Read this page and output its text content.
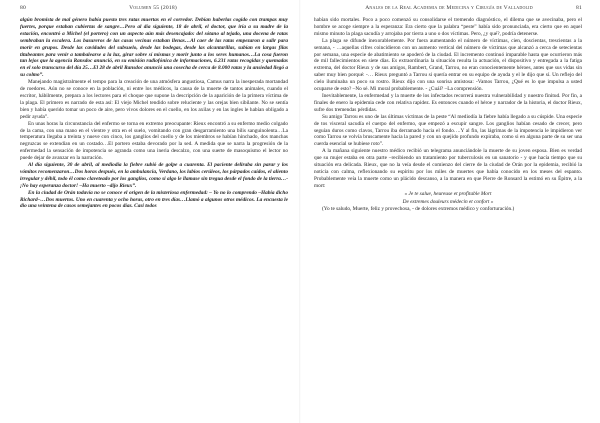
80	Volumen 55 (2018)

algún bromista de mal género había puesto tres ratas muertas en el corredor. Debían haberlas cogido con trampas muy fuertes, porque estaban cubiertas de sangre…Pero al día siguiente, 18 de abril, el doctor, que iría a su madre de la estación, encontró a Michel (el portero) con un aspecto aún más desencajado: del sótano al tejado, una docena de ratas sembraban la escalera. Los basureros de las casas vecinas estaban llenas…Al caer de las ratas empezaron a salir para morir en grupos. Desde las cavidades del subsuelo, desde las bodegas, desde las alcantarillas, subían en largas filas titubeantes para venir a tambalearse a la luz, girar sobre sí mismas y morir junto a los seres humanos…La cosa fueron tan lejos que la agencia Ransdoc anunció, en su emisión radiofónica de informaciones, 6.231 ratas recogidas y quemadas en el solo transcurso del día 25…El 28 de abril Ransdoc anunció una cosecha de cerca de 8.000 ratas y la ansiedad llegó a su colmo”.

Manejando magistralmente el tempo para la creación de una atmósfera angustiosa, Camus narra la inesperada mortandad de roedores. Aún no se conoce en la población, ni entre los médicos, la causa de la muerte de tantos animales, cuando el escritor, hábilmente, prepara a los lectores para el choque que supone la descripción de la aparición de la primera víctima de la plaga. El primero es narrado de esta así: El viejo Michel tendido sobre reluciente y las orejas bien sibilante. No se sentía bien y había querido tomar un poco de aire, pero vivos dolores en el cuello, en los axilas y en las ingles le habían obligado a pedir ayuda”.

En unas horas la circunstancia del enfermo se torna en extremo preocupante: Rieux encontró a su enfermo medio colgado de la cama, con una mano en el vientre y otra en el suelo, vomitando con gran desgarramiento una bilis sanguinolenta…La temperatura llegaba a treinta y nueve con cinco, los ganglios del cuello y de los miembros se habían hinchado, dos manchas negruzcas se extendían en un costado…El portero estaba devorado por la sed. A medida que se narra la progresión de la enfermedad la sensación de impotencia se agranda como una ineria descalzo, con una suerte de masoquismo el lector no puede dejar de avanzar en la narración.

Al día siguiente, 30 de abril, al mediodía la fiebre subió de golpe a cuarenta. El paciente deliraba sin parar y los vómitos recomenzaron…Dos horas después, en la ambulancia, Verdano, los labios cerúleos, los párpados caídos, el aliento irregular y débil, todo él como claveteado por los ganglios, como si algo le llamase sin tregua desde el fondo de la tierra…- ¡No hay esperanza doctor! –Ha muerto –dijo Rieux”.

En la ciudad de Orán todavía no se conoce el origen de la misteriosa enfermedad: – Yo no lo comprendo –Había dicho Richard–…Dos muertos. Uno en cuarenta y ocho horas, otro en tres días…Llamó a algunos otros médicos. La encuesta le dio una veintena de casos semejantes en pocos días. Casi todos

Anales de la Real Academia de Medicina y Cirugía de Valladolid	81

habían sido mortales. Poco a poco comenzó su consolidarse el tremendo diagnóstico, el dilema que se avecinaba, pero el hombre se acoge siempre a la esperanza: Era cierto que la palabra “peste” había sido pronunciada, era cierto que en aquel mismo minuto la plaga sacudía y arrojaba por tierra a uno o dos víctimas. Pero, ¿y qué?, podría detenerse.

La plaga se difunde inexorablemente. Por fuera aumentando el número de víctimas, cien, doscientas, trescientas a la semana, - …aquellas cifres coincidieron con un aumento vertical del número de víctimas que alcanzó a cerca de setecientas por semana, una especie de abatimiento se apoderó de la ciudad. El incremento continuó imparable hasta que ocurrieron más de mil fallecimientos en siete días. Es extraordinaria la situación resulta la actuación, el dispositivo y entregada a la fatiga extrema, del doctor Rieux y de sus amigos, Rambert, Grand, Tarrou, no eran conocientemente héroes, antes que sus vidas sin saber muy bien porqué: -… Rieux preguntó a Tarrou si quería entrar en su equipo de ayuda y el le dijo que sí. Un reflejo del cielo iluminaba un poco su rostro. Rieux dijo con una sonrisa amistosa: -Vamos Tarrou, ¿Qué es lo que impulsa a usted ocuparse de esto? –No sé. Mi moral probablemente. - ¿Cuál? –La comprensión.

Inevitablemente, la enfermedad y la muerte de los infectados recorrerá nuestra vulnerabilidad y nuestro finitud. Por fin, a finales de enero la epidemia cede con relativa rapidez. Es entonces cuando el héroe y narrador de la historia, el doctor Rieux, sufre dos tremendas pérdidas.

Su amigo Tarrou es uno de las últimas víctimas de la peste “Al mediodía la fiebre había llegado a su cúspide. Una especie de tos visceral sacudía el cuerpo del enfermo, que empezó a escupir sangre. Los ganglios habían cesado de crecer, pero seguían duros como clavos, Tarrou iba derramado hacia el fondo….Y al fin, las lágrimas de la impotencia le impidieron ver como Tarrou se volvía bruscamente hacia la pared y con un quejido profundo expiraba, como si en alguna parte de su ser una cuerda esencial se hubiese roto”.

A la mañana siguiente nuestro médico recibió un telegrama anunciándole la muerte de su joven esposa. Bien es verdad que su mujer estaba en otra parte –recibiendo un tratamiento por tuberculosis en un sanatorio - y que hacía tiempo que su situación era delicada. Rieux, que no la veía desde el comienzo del cierre de la ciudad de Orán por la epidemia, recibió la noticia con calma, reflexionando su espíritu por los miles de muertes que había conocido en los meses del espanto. Probablemente veía la muerte como un plácido descanso, a la manera en que Pierre de Ronsard la estimó en su Épitre, a la mort:

« Je te salue, heureuse et profitable Mort
De extremes douleurs médecin et confort »

(Yo te saludo, Muerte, feliz y provechosa, - de dolores extremos médico y conforturación.)
